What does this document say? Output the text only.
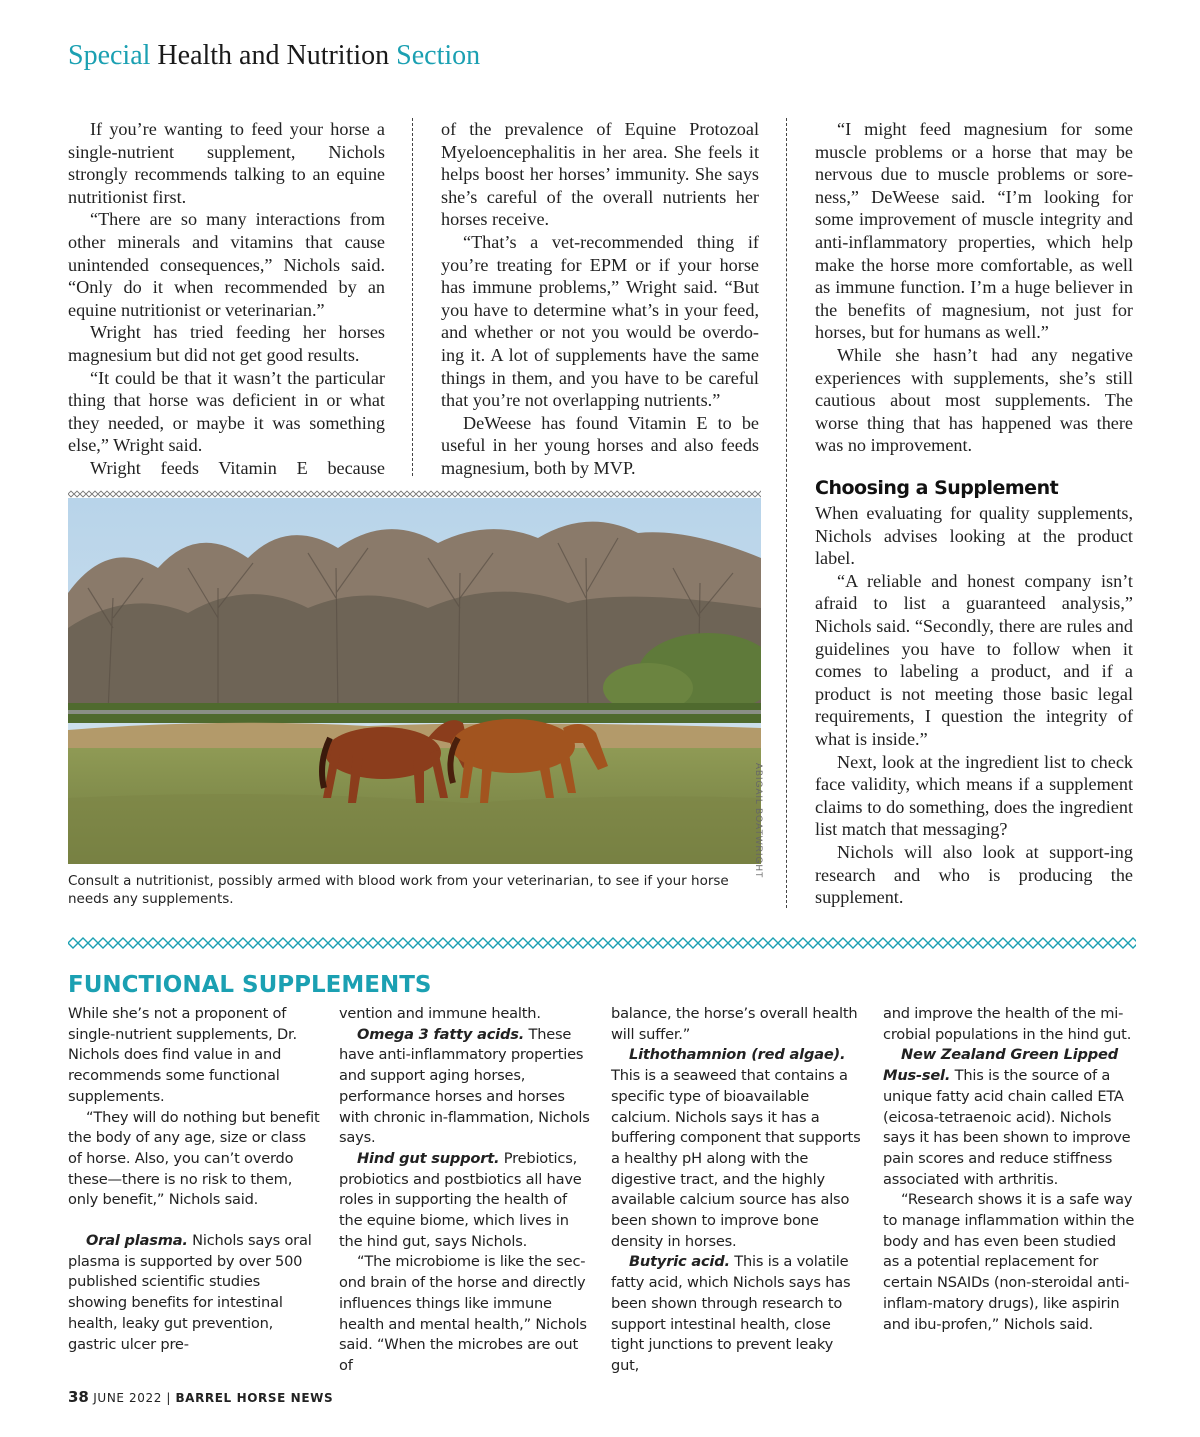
Special Health and Nutrition Section

If you’re wanting to feed your horse a single-nutrient supplement, Nichols strongly recommends talking to an equine nutritionist first.

“There are so many interactions from other minerals and vitamins that cause unintended consequences,” Nichols said. “Only do it when recommended by an equine nutritionist or veterinarian.”

Wright has tried feeding her horses magnesium but did not get good results.

“It could be that it wasn’t the particular thing that horse was deficient in or what they needed, or maybe it was something else,” Wright said.

Wright feeds Vitamin E because

of the prevalence of Equine Protozoal Myeloencephalitis in her area. She feels it helps boost her horses’ immunity. She says she’s careful of the overall nutrients her horses receive.

“That’s a vet-recommended thing if you’re treating for EPM or if your horse has immune problems,” Wright said. “But you have to determine what’s in your feed, and whether or not you would be overdo-ing it. A lot of supplements have the same things in them, and you have to be careful that you’re not overlapping nutrients.”

DeWeese has found Vitamin E to be useful in her young horses and also feeds magnesium, both by MVP.

“I might feed magnesium for some muscle problems or a horse that may be nervous due to muscle problems or sore-ness,” DeWeese said. “I’m looking for some improvement of muscle integrity and anti-inflammatory properties, which help make the horse more comfortable, as well as immune function. I’m a huge believer in the benefits of magnesium, not just for horses, but for humans as well.”

While she hasn’t had any negative experiences with supplements, she’s still cautious about most supplements. The worse thing that has happened was there was no improvement.

Choosing a Supplement

When evaluating for quality supplements, Nichols advises looking at the product label.

“A reliable and honest company isn’t afraid to list a guaranteed analysis,” Nichols said. “Secondly, there are rules and guidelines you have to follow when it comes to labeling a product, and if a product is not meeting those basic legal requirements, I question the integrity of what is inside.”

Next, look at the ingredient list to check face validity, which means if a supplement claims to do something, does the ingredient list match that messaging?

Nichols will also look at support-ing research and who is producing the supplement.

ABIGAIL BOATWRIGHT
Consult a nutritionist, possibly armed with blood work from your veterinarian, to see if your horse needs any supplements.
FUNCTIONAL SUPPLEMENTS

While she’s not a proponent of single-nutrient supplements, Dr. Nichols does find value in and recommends some functional supplements.

“They will do nothing but benefit the body of any age, size or class of horse. Also, you can’t overdo these—there is no risk to them, only benefit,” Nichols said.

Oral plasma. Nichols says oral plasma is supported by over 500 published scientific studies showing benefits for intestinal health, leaky gut prevention, gastric ulcer pre-

vention and immune health.

Omega 3 fatty acids. These have anti-inflammatory properties and support aging horses, performance horses and horses with chronic in-flammation, Nichols says.

Hind gut support. Prebiotics, probiotics and postbiotics all have roles in supporting the health of the equine biome, which lives in the hind gut, says Nichols.

“The microbiome is like the sec-ond brain of the horse and directly influences things like immune health and mental health,” Nichols said. “When the microbes are out of

balance, the horse’s overall health will suffer.”

Lithothamnion (red algae). This is a seaweed that contains a specific type of bioavailable calcium. Nichols says it has a buffering component that supports a healthy pH along with the digestive tract, and the highly available calcium source has also been shown to improve bone density in horses.

Butyric acid. This is a volatile fatty acid, which Nichols says has been shown through research to support intestinal health, close tight junctions to prevent leaky gut,

and improve the health of the mi-crobial populations in the hind gut.

New Zealand Green Lipped Mus-sel. This is the source of a unique fatty acid chain called ETA (eicosa-tetraenoic acid). Nichols says it has been shown to improve pain scores and reduce stiffness associated with arthritis.

“Research shows it is a safe way to manage inflammation within the body and has even been studied as a potential replacement for certain NSAIDs (non-steroidal anti-inflam-matory drugs), like aspirin and ibu-profen,” Nichols said.

38 JUNE 2022 | BARREL HORSE NEWS
